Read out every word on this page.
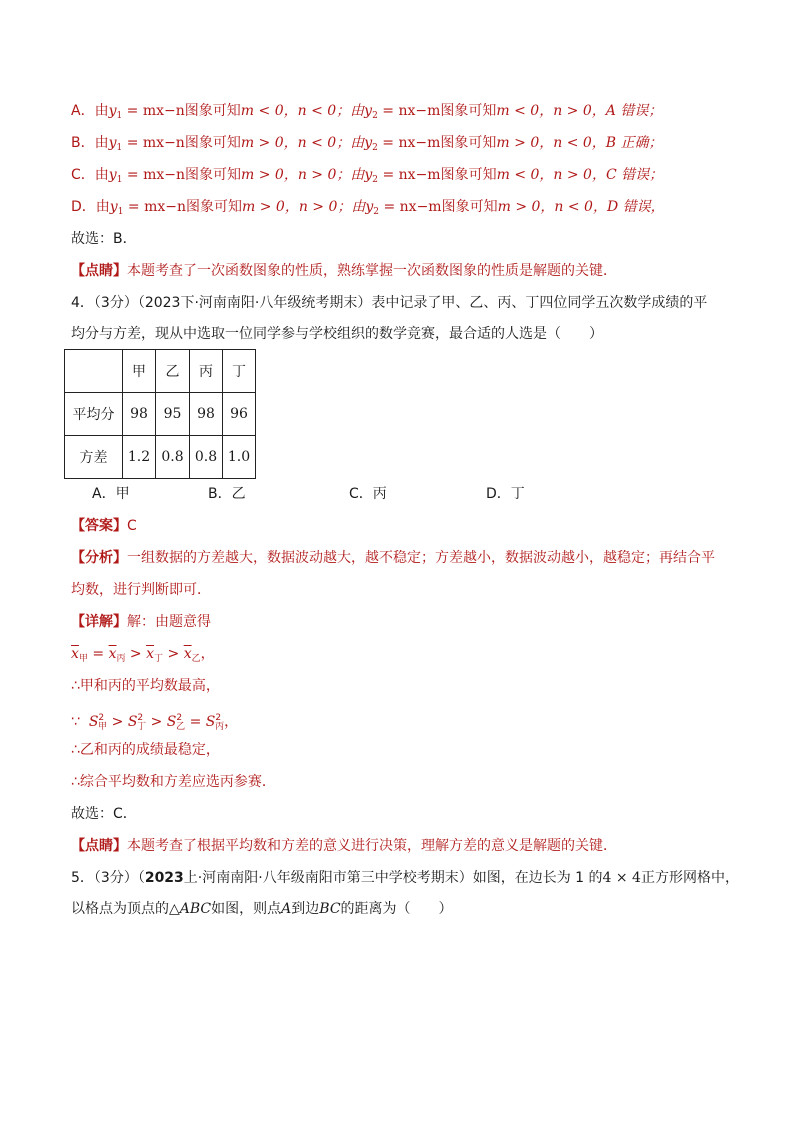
A．由$y_1 = mx-n$图象可知m < 0，n < 0；由$y_2 = nx-m$图象可知m < 0，n > 0，A 错误；
B．由$y_1 = mx-n$图象可知m > 0，n < 0；由$y_2 = nx-m$图象可知m > 0，n < 0，B 正确；
C．由$y_1 = mx-n$图象可知m > 0，n > 0；由$y_2 = nx-m$图象可知m < 0，n > 0，C 错误；
D．由$y_1 = mx-n$图象可知m > 0，n > 0；由$y_2 = nx-m$图象可知m > 0，n < 0，D 错误，
故选：B．
【点睛】本题考查了一次函数图象的性质，熟练掌握一次函数图象的性质是解题的关键．
4．（3分）（2023下·河南南阳·八年级统考期末）表中记录了甲、乙、丙、丁四位同学五次数学成绩的平
均分与方差，现从中选取一位同学参与学校组织的数学竞赛，最合适的人选是（　　）
	甲	乙	丙	丁
平均分	98	95	98	96
方差	1.2	0.8	0.8	1.0
A．甲	B．乙	C．丙	D．丁
【答案】C
【分析】一组数据的方差越大，数据波动越大，越不稳定；方差越小，数据波动越小，越稳定；再结合平
均数，进行判断即可．
【详解】解：由题意得
$\overline{x}_甲 = \overline{x}_丙 > \overline{x}_丁 > \overline{x}_乙$，
∴甲和丙的平均数最高，
∵ $S^2_甲 > S^2_丁 > S^2_乙 = S^2_丙$，
∴乙和丙的成绩最稳定，
∴综合平均数和方差应选丙参赛．
故选：C．
【点睛】本题考查了根据平均数和方差的意义进行决策，理解方差的意义是解题的关键．
5．（3分）（2023上·河南南阳·八年级南阳市第三中学校考期末）如图，在边长为 1 的4 × 4正方形网格中，
以格点为顶点的△ABC如图，则点A到边BC的距离为（　　）
